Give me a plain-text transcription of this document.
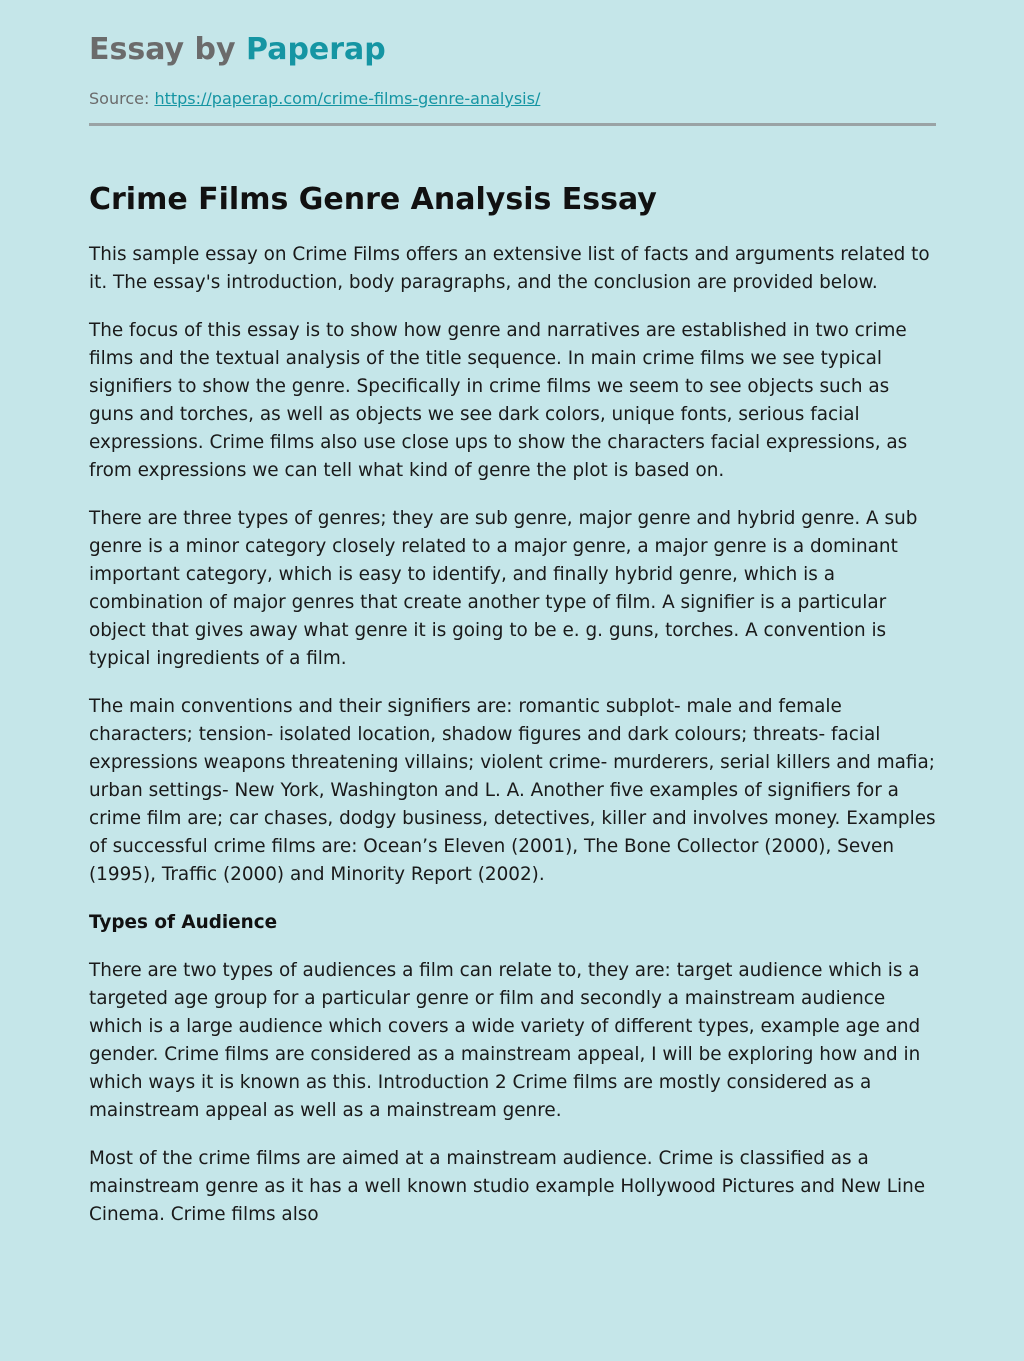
Essay by Paperap
Source: https://paperap.com/crime-films-genre-analysis/
Crime Films Genre Analysis Essay

This sample essay on Crime Films offers an extensive list of facts and arguments related to it. The essay's introduction, body paragraphs, and the conclusion are provided below.

The focus of this essay is to show how genre and narratives are established in two crime films and the textual analysis of the title sequence. In main crime films we see typical signifiers to show the genre. Specifically in crime films we seem to see objects such as guns and torches, as well as objects we see dark colors, unique fonts, serious facial expressions. Crime films also use close ups to show the characters facial expressions, as from expressions we can tell what kind of genre the plot is based on.

There are three types of genres; they are sub genre, major genre and hybrid genre. A sub genre is a minor category closely related to a major genre, a major genre is a dominant important category, which is easy to identify, and finally hybrid genre, which is a combination of major genres that create another type of film. A signifier is a particular object that gives away what genre it is going to be e. g. guns, torches. A convention is typical ingredients of a film.

The main conventions and their signifiers are: romantic subplot- male and female characters; tension- isolated location, shadow figures and dark colours; threats- facial expressions weapons threatening villains; violent crime- murderers, serial killers and mafia; urban settings- New York, Washington and L. A. Another five examples of signifiers for a crime film are; car chases, dodgy business, detectives, killer and involves money. Examples of successful crime films are: Ocean’s Eleven (2001), The Bone Collector (2000), Seven (1995), Traffic (2000) and Minority Report (2002).

Types of Audience

There are two types of audiences a film can relate to, they are: target audience which is a targeted age group for a particular genre or film and secondly a mainstream audience which is a large audience which covers a wide variety of different types, example age and gender. Crime films are considered as a mainstream appeal, I will be exploring how and in which ways it is known as this. Introduction 2 Crime films are mostly considered as a mainstream appeal as well as a mainstream genre.

Most of the crime films are aimed at a mainstream audience. Crime is classified as a mainstream genre as it has a well known studio example Hollywood Pictures and New Line Cinema. Crime films also
